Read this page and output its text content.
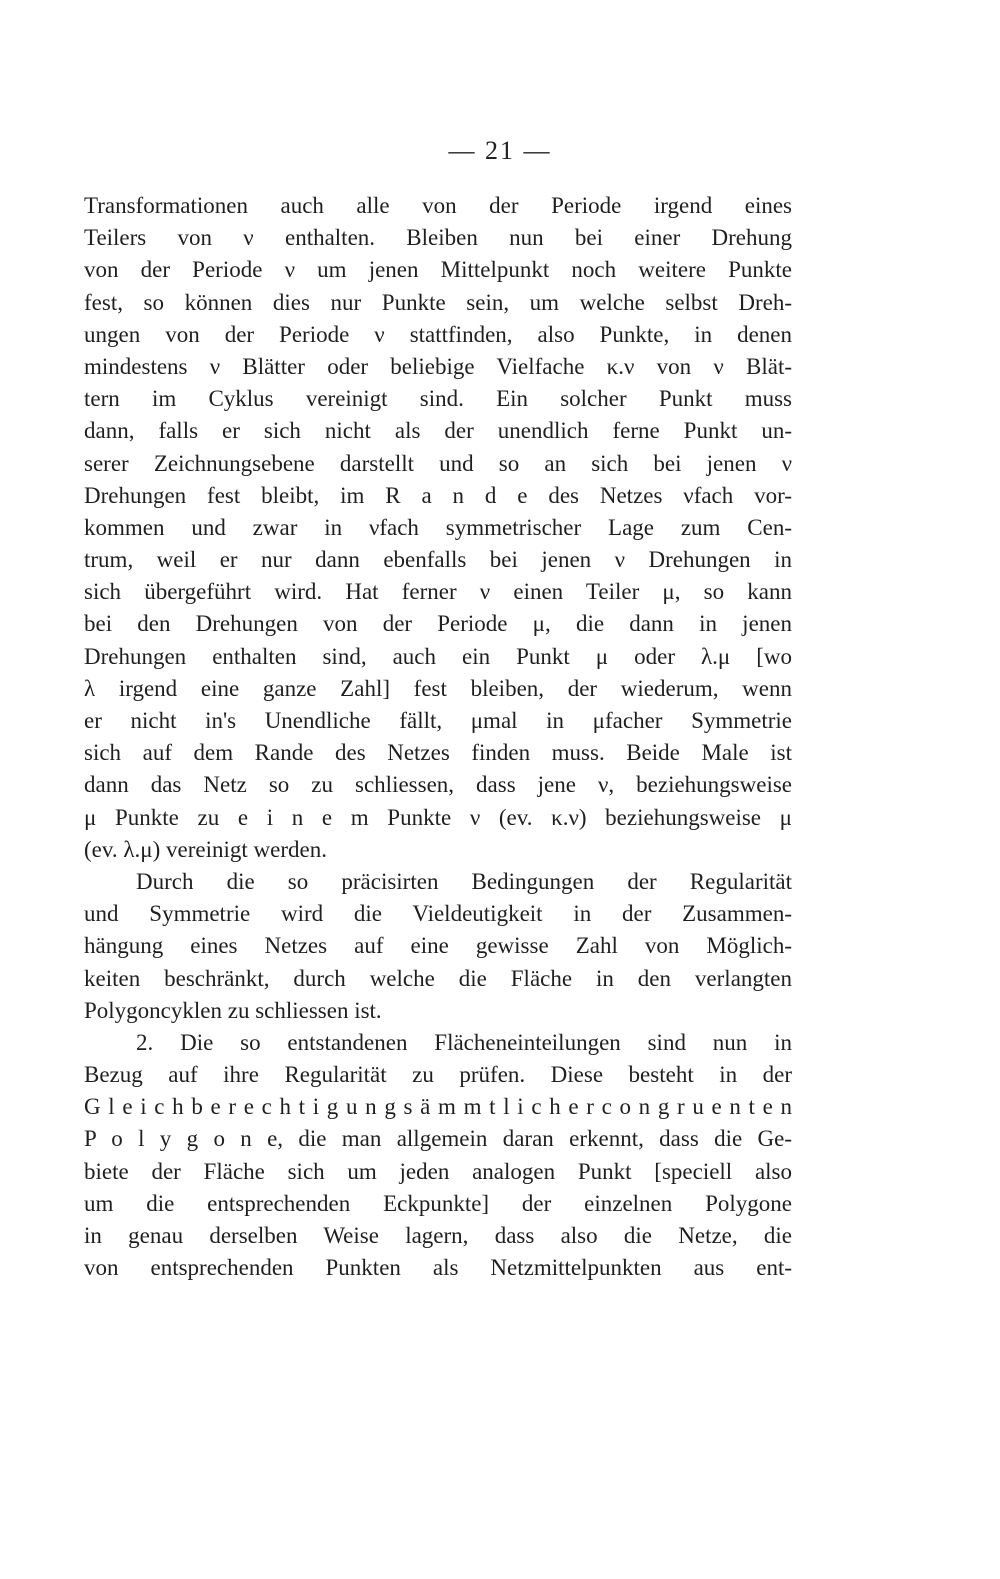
— 21 —
Transformationen auch alle von der Periode irgend eines
Teilers von ν enthalten. Bleiben nun bei einer Drehung
von der Periode ν um jenen Mittelpunkt noch weitere Punkte
fest, so können dies nur Punkte sein, um welche selbst Dreh-
ungen von der Periode ν stattfinden, also Punkte, in denen
mindestens ν Blätter oder beliebige Vielfache κ.ν von ν Blät-
tern im Cyklus vereinigt sind. Ein solcher Punkt muss
dann, falls er sich nicht als der unendlich ferne Punkt un-
serer Zeichnungsebene darstellt und so an sich bei jenen ν
Drehungen fest bleibt, im R a n d e des Netzes νfach vor-
kommen und zwar in νfach symmetrischer Lage zum Cen-
trum, weil er nur dann ebenfalls bei jenen ν Drehungen in
sich übergeführt wird. Hat ferner ν einen Teiler μ, so kann
bei den Drehungen von der Periode μ, die dann in jenen
Drehungen enthalten sind, auch ein Punkt μ oder λ.μ [wo
λ irgend eine ganze Zahl] fest bleiben, der wiederum, wenn
er nicht in's Unendliche fällt, μmal in μfacher Symmetrie
sich auf dem Rande des Netzes finden muss. Beide Male ist
dann das Netz so zu schliessen, dass jene ν, beziehungsweise
μ Punkte zu e i n e m Punkte ν (ev. κ.ν) beziehungsweise μ
(ev. λ.μ) vereinigt werden.
Durch die so präcisirten Bedingungen der Regularität
und Symmetrie wird die Vieldeutigkeit in der Zusammen-
hängung eines Netzes auf eine gewisse Zahl von Möglich-
keiten beschränkt, durch welche die Fläche in den verlangten
Polygoncyklen zu schliessen ist.
2. Die so entstandenen Flächeneinteilungen sind nun in
Bezug auf ihre Regularität zu prüfen. Diese besteht in der
G l e i c h b e r e c h t i g u n g s ä m m t l i c h e r c o n g r u e n t e n
P o l y g o n e, die man allgemein daran erkennt, dass die Ge-
biete der Fläche sich um jeden analogen Punkt [speciell also
um die entsprechenden Eckpunkte] der einzelnen Polygone
in genau derselben Weise lagern, dass also die Netze, die
von entsprechenden Punkten als Netzmittelpunkten aus ent-
